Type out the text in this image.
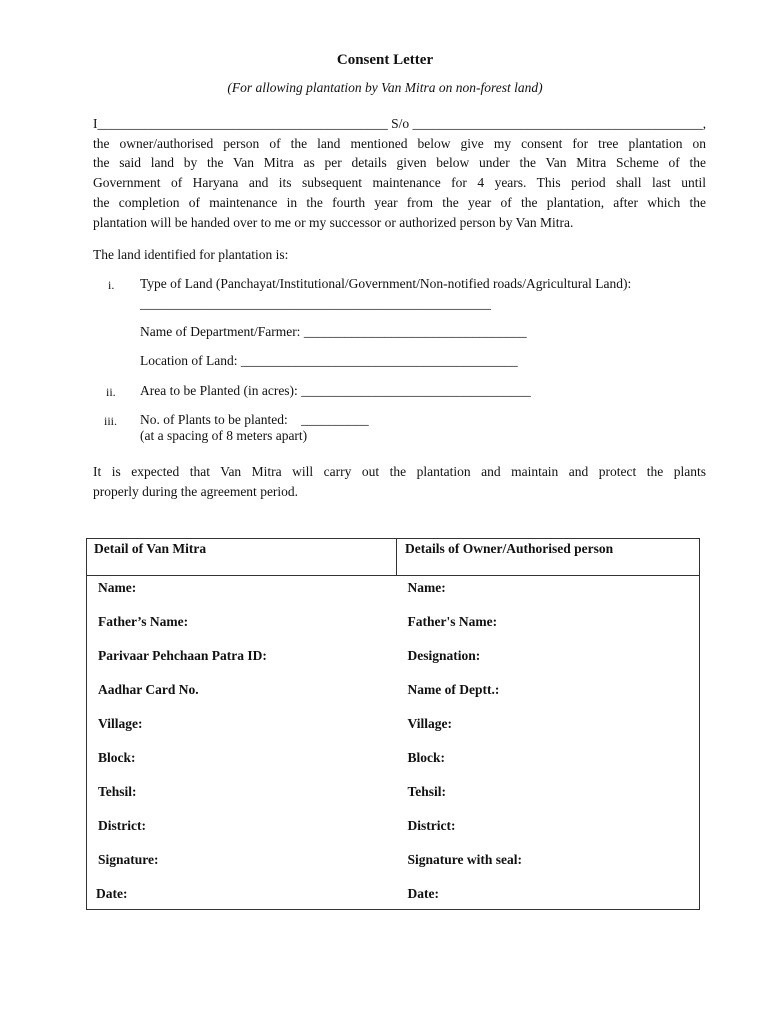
Consent Letter
(For allowing plantation by Van Mitra on non-forest land)
I___________________________________________ S/o ___________________________________________,
the owner/authorised person of the land mentioned below give my consent for tree plantation on
the said land by the Van Mitra as per details given below under the Van Mitra Scheme of the
Government of Haryana and its subsequent maintenance for 4 years. This period shall last until
the completion of maintenance in the fourth year from the year of the plantation, after which the
plantation will be handed over to me or my successor or authorized person by Van Mitra.
The land identified for plantation is:
i. Type of Land (Panchayat/Institutional/Government/Non-notified roads/Agricultural Land):
____________________________________________________
Name of Department/Farmer: _________________________________
Location of Land: _________________________________________
ii. Area to be Planted (in acres): __________________________________
iii. No. of Plants to be planted: __________
(at a spacing of 8 meters apart)
It is expected that Van Mitra will carry out the plantation and maintain and protect the plants
properly during the agreement period.
Detail of Van Mitra	Details of Owner/Authorised person
Name:	Name:
Father’s Name:	Father's Name:
Parivaar Pehchaan Patra ID:	Designation:
Aadhar Card No.	Name of Deptt.:
Village:	Village:
Block:	Block:
Tehsil:	Tehsil:
District:	District:
Signature:	Signature with seal:
Date:	Date:
